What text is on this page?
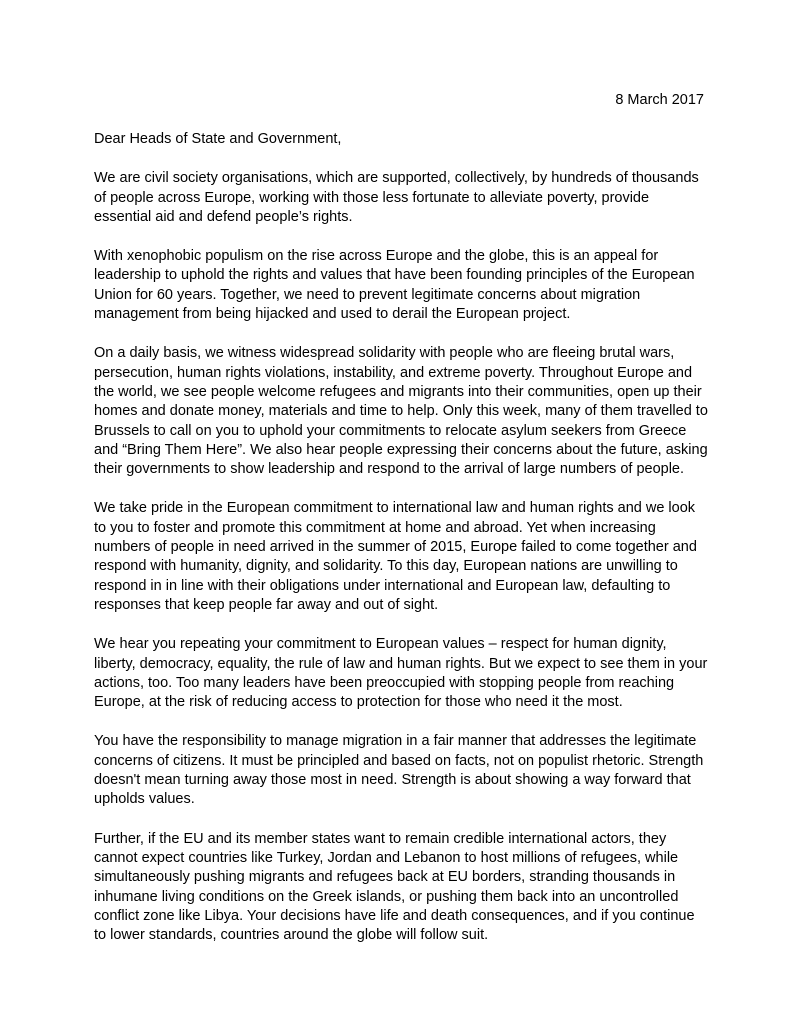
8 March 2017

Dear Heads of State and Government,

We are civil society organisations, which are supported, collectively, by hundreds of thousands
of people across Europe, working with those less fortunate to alleviate poverty, provide
essential aid and defend people’s rights.

With xenophobic populism on the rise across Europe and the globe, this is an appeal for
leadership to uphold the rights and values that have been founding principles of the European
Union for 60 years. Together, we need to prevent legitimate concerns about migration
management from being hijacked and used to derail the European project.

On a daily basis, we witness widespread solidarity with people who are fleeing brutal wars,
persecution, human rights violations, instability, and extreme poverty. Throughout Europe and
the world, we see people welcome refugees and migrants into their communities, open up their
homes and donate money, materials and time to help. Only this week, many of them travelled to
Brussels to call on you to uphold your commitments to relocate asylum seekers from Greece
and “Bring Them Here”. We also hear people expressing their concerns about the future, asking
their governments to show leadership and respond to the arrival of large numbers of people.

We take pride in the European commitment to international law and human rights and we look
to you to foster and promote this commitment at home and abroad. Yet when increasing
numbers of people in need arrived in the summer of 2015, Europe failed to come together and
respond with humanity, dignity, and solidarity. To this day, European nations are unwilling to
respond in in line with their obligations under international and European law, defaulting to
responses that keep people far away and out of sight.

We hear you repeating your commitment to European values – respect for human dignity,
liberty, democracy, equality, the rule of law and human rights. But we expect to see them in your
actions, too. Too many leaders have been preoccupied with stopping people from reaching
Europe, at the risk of reducing access to protection for those who need it the most.

You have the responsibility to manage migration in a fair manner that addresses the legitimate
concerns of citizens. It must be principled and based on facts, not on populist rhetoric. Strength
doesn't mean turning away those most in need. Strength is about showing a way forward that
upholds values.

Further, if the EU and its member states want to remain credible international actors, they
cannot expect countries like Turkey, Jordan and Lebanon to host millions of refugees, while
simultaneously pushing migrants and refugees back at EU borders, stranding thousands in
inhumane living conditions on the Greek islands, or pushing them back into an uncontrolled
conflict zone like Libya. Your decisions have life and death consequences, and if you continue
to lower standards, countries around the globe will follow suit.
